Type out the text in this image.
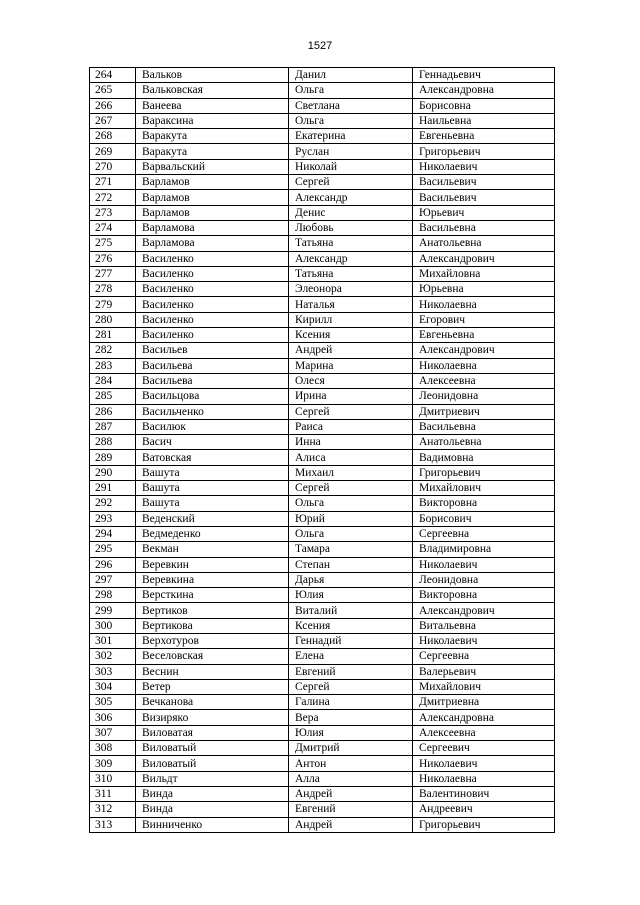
1527
264	Вальков	Данил	Геннадьевич
265	Вальковская	Ольга	Александровна
266	Ванеева	Светлана	Борисовна
267	Вараксина	Ольга	Наильевна
268	Варакута	Екатерина	Евгеньевна
269	Варакута	Руслан	Григорьевич
270	Варвальский	Николай	Николаевич
271	Варламов	Сергей	Васильевич
272	Варламов	Александр	Васильевич
273	Варламов	Денис	Юрьевич
274	Варламова	Любовь	Васильевна
275	Варламова	Татьяна	Анатольевна
276	Василенко	Александр	Александрович
277	Василенко	Татьяна	Михайловна
278	Василенко	Элеонора	Юрьевна
279	Василенко	Наталья	Николаевна
280	Василенко	Кирилл	Егорович
281	Василенко	Ксения	Евгеньевна
282	Васильев	Андрей	Александрович
283	Васильева	Марина	Николаевна
284	Васильева	Олеся	Алексеевна
285	Васильцова	Ирина	Леонидовна
286	Васильченко	Сергей	Дмитриевич
287	Василюк	Раиса	Васильевна
288	Васич	Инна	Анатольевна
289	Ватовская	Алиса	Вадимовна
290	Вашута	Михаил	Григорьевич
291	Вашута	Сергей	Михайлович
292	Вашута	Ольга	Викторовна
293	Веденский	Юрий	Борисович
294	Ведмеденко	Ольга	Сергеевна
295	Векман	Тамара	Владимировна
296	Веревкин	Степан	Николаевич
297	Веревкина	Дарья	Леонидовна
298	Версткина	Юлия	Викторовна
299	Вертиков	Виталий	Александрович
300	Вертикова	Ксения	Витальевна
301	Верхотуров	Геннадий	Николаевич
302	Веселовская	Елена	Сергеевна
303	Веснин	Евгений	Валерьевич
304	Ветер	Сергей	Михайлович
305	Вечканова	Галина	Дмитриевна
306	Визиряко	Вера	Александровна
307	Виловатая	Юлия	Алексеевна
308	Виловатый	Дмитрий	Сергеевич
309	Виловатый	Антон	Николаевич
310	Вильдт	Алла	Николаевна
311	Винда	Андрей	Валентинович
312	Винда	Евгений	Андреевич
313	Винниченко	Андрей	Григорьевич
